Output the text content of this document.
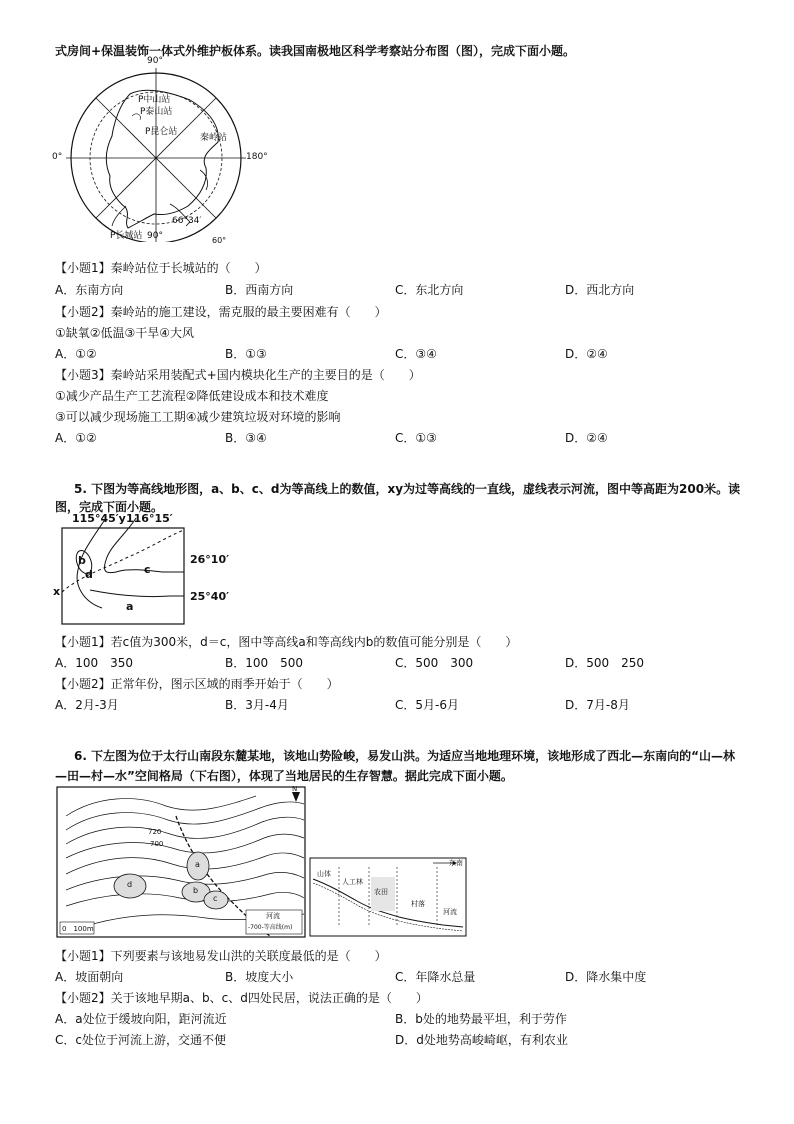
式房间+保温装饰一体式外维护板体系。读我国南极地区科学考察站分布图（图），完成下面小题。
90°
90°
0°	180°
66°34′
60°
P中山站
P泰山站
P昆仑站
秦岭站
P长城站
【小题1】秦岭站位于长城站的（　　）
A．东南方向	B．西南方向	C．东北方向	D．西北方向
【小题2】秦岭站的施工建设，需克服的最主要困难有（　　）
①缺氧②低温③干旱④大风
A．①②	B．①③	C．③④	D．②④
【小题3】秦岭站采用装配式+国内模块化生产的主要目的是（　　）
①减少产品生产工艺流程②降低建设成本和技术难度
③可以减少现场施工工期④减少建筑垃圾对环境的影响
A．①②	B．③④	C．①③	D．②④
5. 下图为等高线地形图，a、b、c、d为等高线上的数值，xy为过等高线的一直线，虚线表示河流，图中等高距为200米。读
图，完成下面小题。
115°45′y 116°15′
26°10′
25°40′
x
b
d	c
a
【小题1】若c值为300米，d＝c，图中等高线a和等高线内b的数值可能分别是（　　）
A．100　350	B．100　500	C．500　300	D．500　250
【小题2】正常年份，图示区域的雨季开始于（　　）
A．2月-3月	B．3月-4月	C．5月-6月	D．7月-8月
6. 下左图为位于太行山南段东麓某地，该地山势险峻，易发山洪。为适应当地地理环境，该地形成了西北—东南向的“山—林
—田—村—水”空间格局（下右图），体现了当地居民的生存智慧。据此完成下面小题。
N
720
700
0　100m
河流
-700-等高线(m)
a
b
c
d
东南
山体
人工林
农田
村落
河流
【小题1】下列要素与该地易发山洪的关联度最低的是（　　）
A．坡面朝向	B．坡度大小	C．年降水总量	D．降水集中度
【小题2】关于该地早期a、b、c、d四处民居，说法正确的是（　　）
A．a处位于缓坡向阳，距河流近	B．b处的地势最平坦，利于劳作
C．c处位于河流上游，交通不便	D．d处地势高峻崎岖，有利农业
